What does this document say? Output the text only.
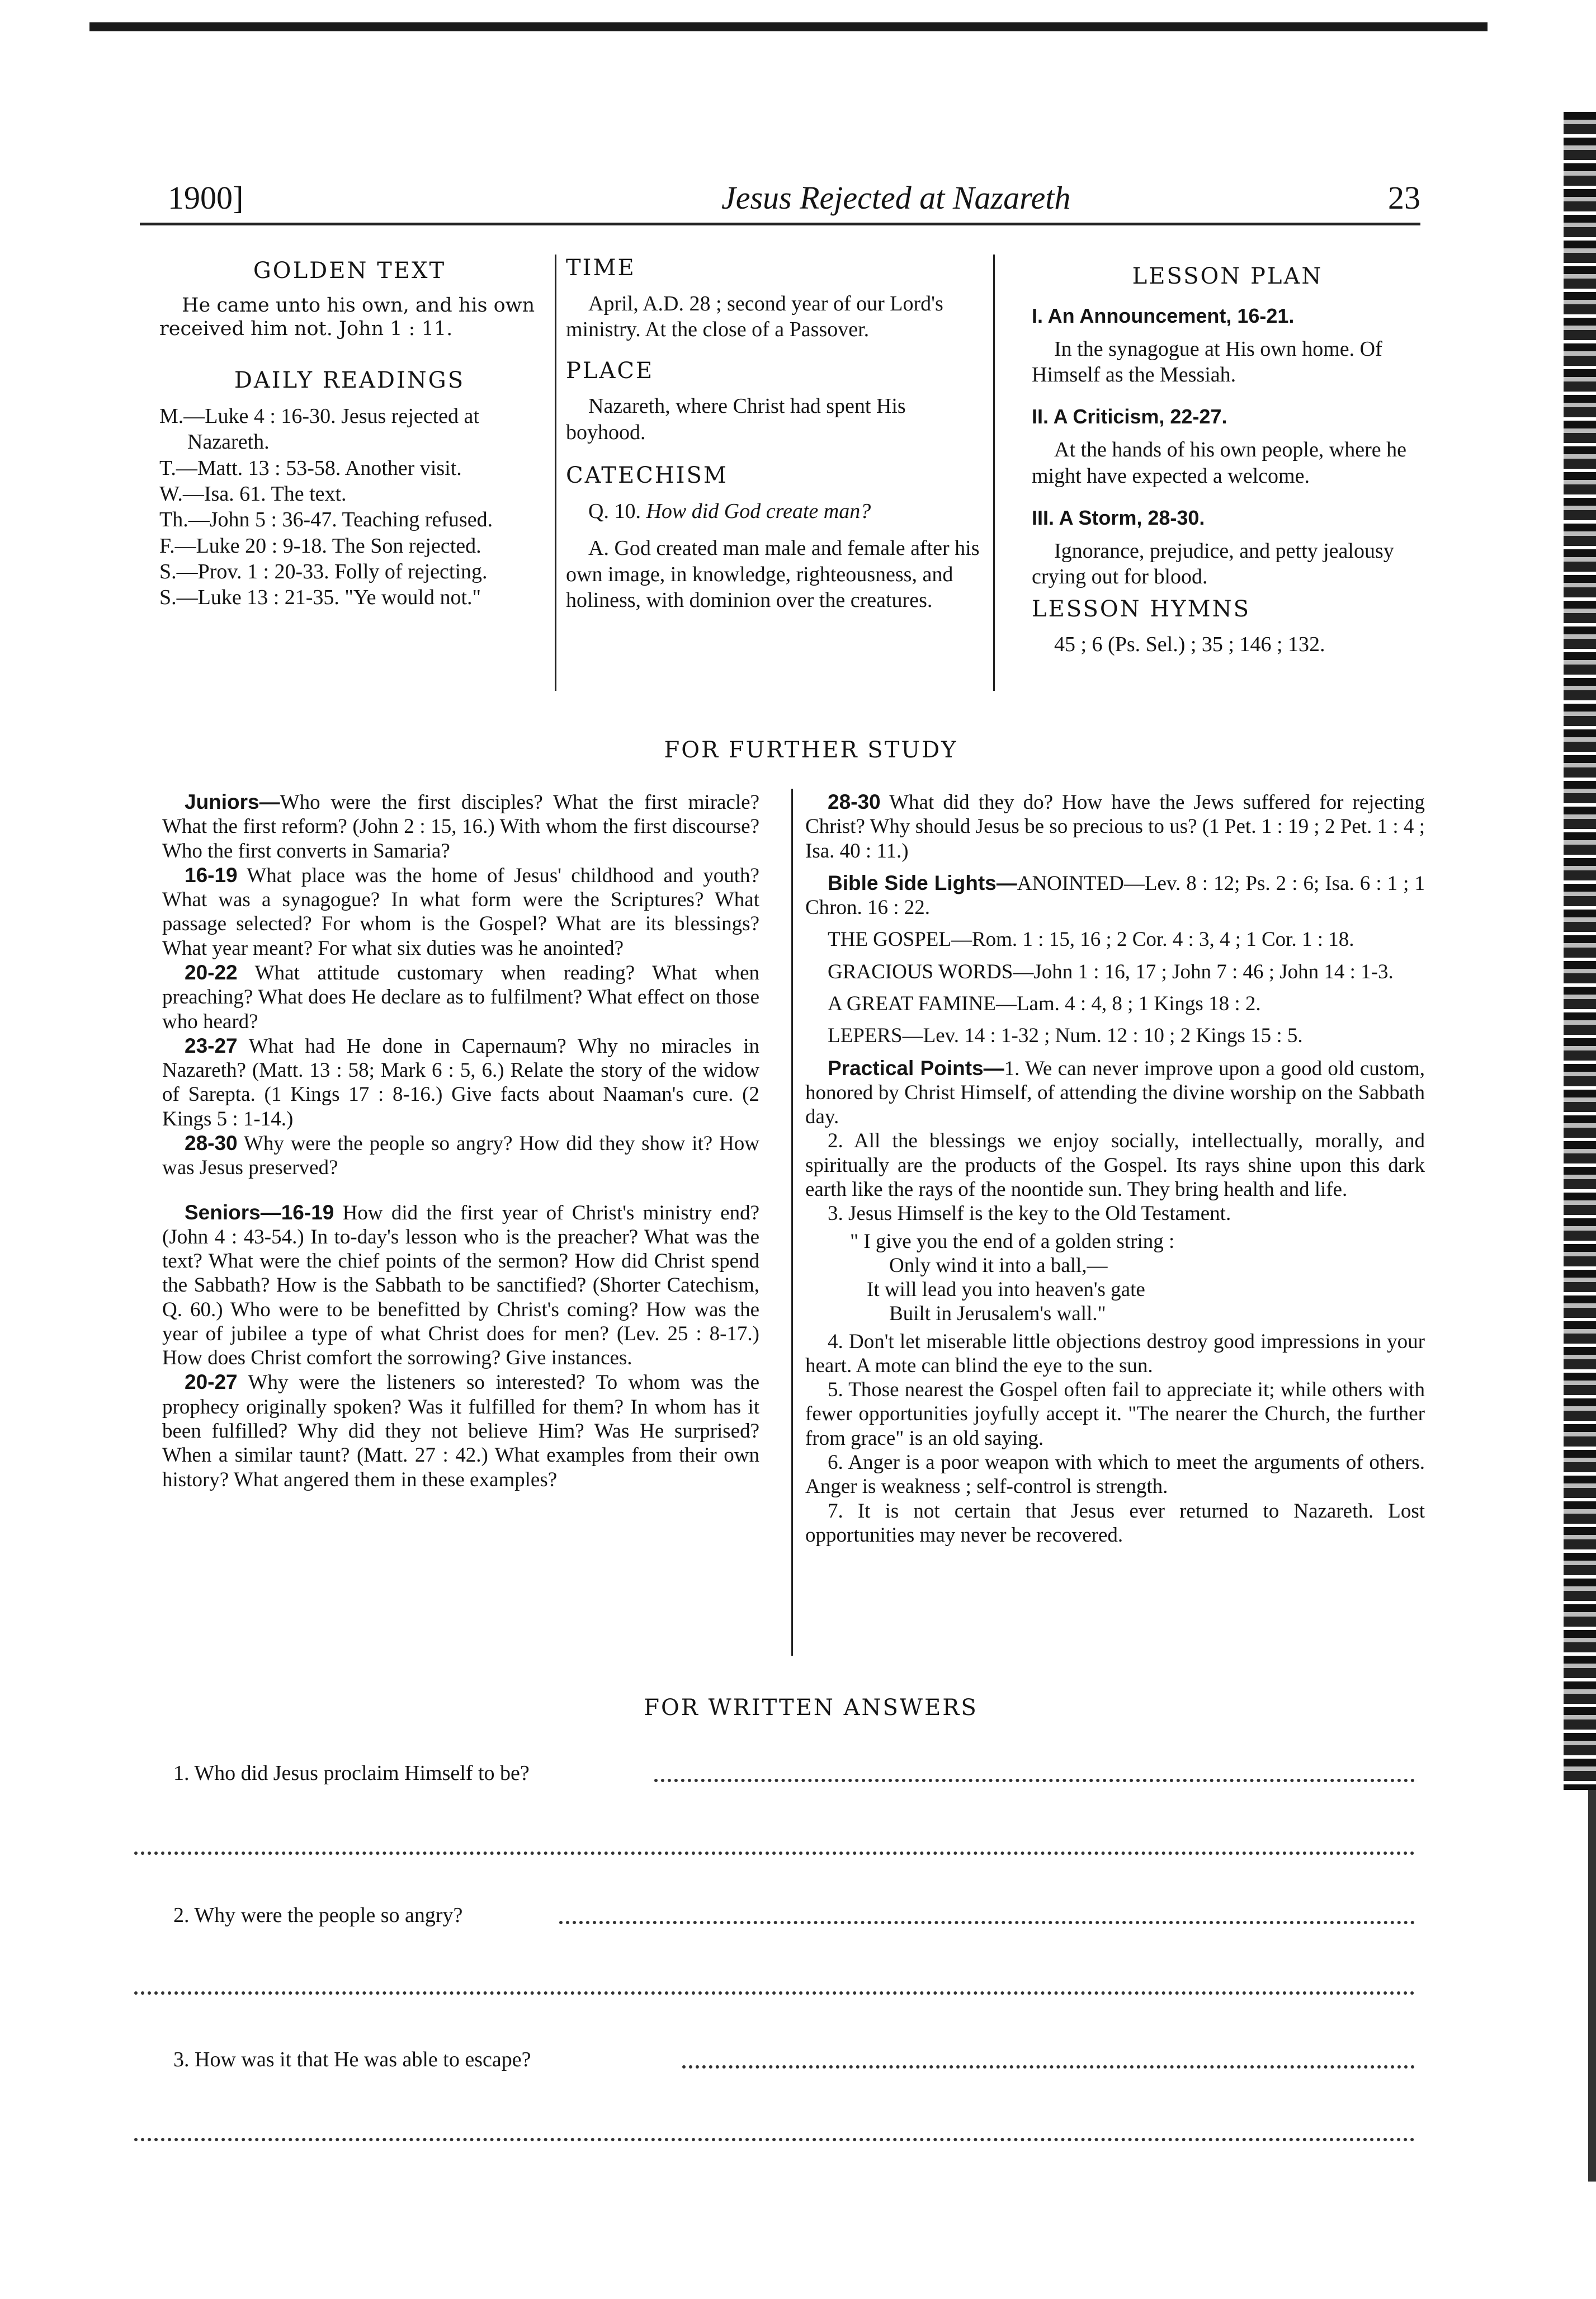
1900]	Jesus Rejected at Nazareth	23
GOLDEN TEXT

He came unto his own, and his own received him not. John 1 : 11.

DAILY READINGS

M.—Luke 4 : 16-30. Jesus rejected at Nazareth.

T.—Matt. 13 : 53-58. Another visit.

W.—Isa. 61. The text.

Th.—John 5 : 36-47. Teaching refused.

F.—Luke 20 : 9-18. The Son rejected.

S.—Prov. 1 : 20-33. Folly of rejecting.

S.—Luke 13 : 21-35. "Ye would not."

TIME

April, A.D. 28 ; second year of our Lord's ministry. At the close of a Passover.

PLACE

Nazareth, where Christ had spent His boyhood.

CATECHISM

Q. 10. How did God create man?

A. God created man male and female after his own image, in knowledge, righteousness, and holiness, with dominion over the creatures.

LESSON PLAN

I. An Announcement, 16-21.

In the synagogue at His own home. Of Himself as the Messiah.

II. A Criticism, 22-27.

At the hands of his own people, where he might have expected a welcome.

III. A Storm, 28-30.

Ignorance, prejudice, and petty jealousy crying out for blood.

LESSON HYMNS

45 ; 6 (Ps. Sel.) ; 35 ; 146 ; 132.

FOR FURTHER STUDY

Juniors—Who were the first disciples? What the first miracle? What the first reform? (John 2 : 15, 16.) With whom the first discourse? Who the first converts in Samaria?

16-19 What place was the home of Jesus' childhood and youth? What was a synagogue? In what form were the Scriptures? What passage selected? For whom is the Gospel? What are its blessings? What year meant? For what six duties was he anointed?

20-22 What attitude customary when reading? What when preaching? What does He declare as to fulfilment? What effect on those who heard?

23-27 What had He done in Capernaum? Why no miracles in Nazareth? (Matt. 13 : 58; Mark 6 : 5, 6.) Relate the story of the widow of Sarepta. (1 Kings 17 : 8-16.) Give facts about Naaman's cure. (2 Kings 5 : 1-14.)

28-30 Why were the people so angry? How did they show it? How was Jesus preserved?

Seniors—16-19 How did the first year of Christ's ministry end? (John 4 : 43-54.) In to-day's lesson who is the preacher? What was the text? What were the chief points of the sermon? How did Christ spend the Sabbath? How is the Sabbath to be sanctified? (Shorter Catechism, Q. 60.) Who were to be benefitted by Christ's coming? How was the year of jubilee a type of what Christ does for men? (Lev. 25 : 8-17.) How does Christ comfort the sorrowing? Give instances.

20-27 Why were the listeners so interested? To whom was the prophecy originally spoken? Was it fulfilled for them? In whom has it been fulfilled? Why did they not believe Him? Was He surprised? When a similar taunt? (Matt. 27 : 42.) What examples from their own history? What angered them in these examples?

28-30 What did they do? How have the Jews suffered for rejecting Christ? Why should Jesus be so precious to us? (1 Pet. 1 : 19 ; 2 Pet. 1 : 4 ; Isa. 40 : 11.)

Bible Side Lights—ANOINTED—Lev. 8 : 12; Ps. 2 : 6; Isa. 6 : 1 ; 1 Chron. 16 : 22.

THE GOSPEL—Rom. 1 : 15, 16 ; 2 Cor. 4 : 3, 4 ; 1 Cor. 1 : 18.

GRACIOUS WORDS—John 1 : 16, 17 ; John 7 : 46 ; John 14 : 1-3.

A GREAT FAMINE—Lam. 4 : 4, 8 ; 1 Kings 18 : 2.

LEPERS—Lev. 14 : 1-32 ; Num. 12 : 10 ; 2 Kings 15 : 5.

Practical Points—1. We can never improve upon a good old custom, honored by Christ Himself, of attending the divine worship on the Sabbath day.

2. All the blessings we enjoy socially, intellectually, morally, and spiritually are the products of the Gospel. Its rays shine upon this dark earth like the rays of the noontide sun. They bring health and life.

3. Jesus Himself is the key to the Old Testament.

" I give you the end of a golden string :

Only wind it into a ball,—

It will lead you into heaven's gate

Built in Jerusalem's wall."

4. Don't let miserable little objections destroy good impressions in your heart. A mote can blind the eye to the sun.

5. Those nearest the Gospel often fail to appreciate it; while others with fewer opportunities joyfully accept it. "The nearer the Church, the further from grace" is an old saying.

6. Anger is a poor weapon with which to meet the arguments of others. Anger is weakness ; self-control is strength.

7. It is not certain that Jesus ever returned to Nazareth. Lost opportunities may never be recovered.

FOR WRITTEN ANSWERS
1. Who did Jesus proclaim Himself to be?
2. Why were the people so angry?
3. How was it that He was able to escape?
